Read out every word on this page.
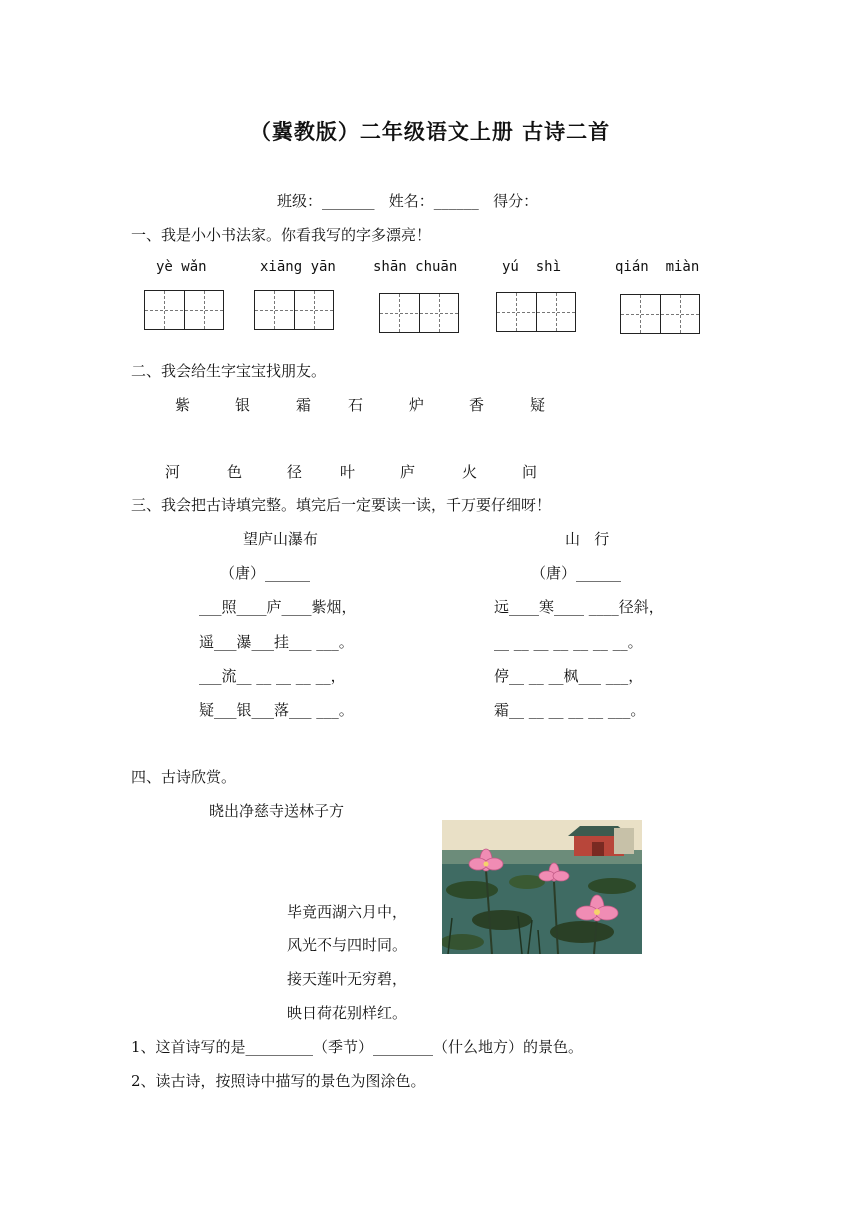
（冀教版）二年级语文上册 古诗二首
班级：_______   姓名：______   得分：
一、我是小小书法家。你看我写的字多漂亮！
yè wǎn	xiāng yān	shān chuān	yú  shì	qián  miàn
二、我会给生字宝宝找朋友。
紫	银	霜 石	炉	香	疑
河	色	径	叶	庐	火	问
三、我会把古诗填完整。填完后一定要读一读，千万要仔细呀！
望庐山瀑布
（唐）______
___照____庐____紫烟，
遥___瀑___挂___ ___。
___流__ __ __ __ __，
疑___银___落___ ___。
山   行
（唐）______
远____寒____ ____径斜，
__ __ __ __ __ __ __。
停__ __ __枫___ ___，
霜__ __ __ __ __ ___。
四、古诗欣赏。
晓出净慈寺送林子方
毕竟西湖六月中，
风光不与四时同。
接天莲叶无穷碧，
映日荷花别样红。
1、这首诗写的是_________（季节）________（什么地方）的景色。
2、读古诗，按照诗中描写的景色为图涂色。
